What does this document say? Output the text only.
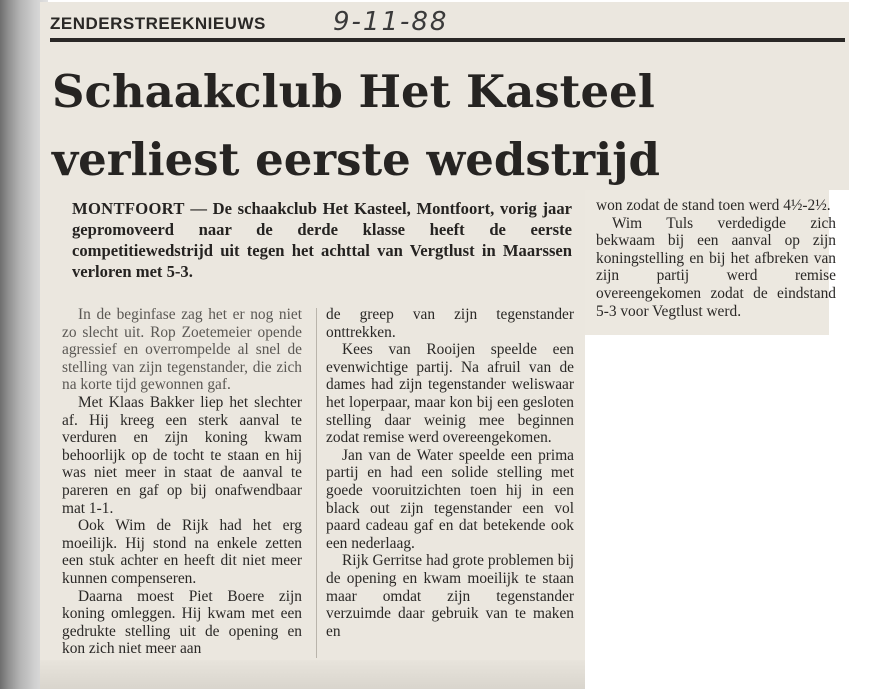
ZENDERSTREEKNIEUWS	9-11-88
Schaakclub Het Kasteel
verliest eerste wedstrijd

MONTFOORT — De schaakclub Het Kasteel, Montfoort, vorig jaar gepromoveerd naar de derde klasse heeft de eerste competitiewedstrijd uit tegen het achttal van Vergtlust in Maarssen verloren met 5-3.

In de beginfase zag het er nog niet zo slecht uit. Rop Zoetemeier opende agressief en overrompelde al snel de stelling van zijn tegenstander, die zich na korte tijd gewonnen gaf.

Met Klaas Bakker liep het slechter af. Hij kreeg een sterk aanval te verduren en zijn koning kwam behoorlijk op de tocht te staan en hij was niet meer in staat de aanval te pareren en gaf op bij onafwendbaar mat 1-1.

Ook Wim de Rijk had het erg moeilijk. Hij stond na enkele zetten een stuk achter en heeft dit niet meer kunnen compenseren.

Daarna moest Piet Boere zijn koning omleggen. Hij kwam met een gedrukte stelling uit de opening en kon zich niet meer aan

de greep van zijn tegenstander onttrekken.

Kees van Rooijen speelde een evenwichtige partij. Na afruil van de dames had zijn tegenstander weliswaar het loperpaar, maar kon bij een gesloten stelling daar weinig mee beginnen zodat remise werd overeengekomen.

Jan van de Water speelde een prima partij en had een solide stelling met goede vooruitzichten toen hij in een black out zijn tegenstander een vol paard cadeau gaf en dat betekende ook een nederlaag.

Rijk Gerritse had grote problemen bij de opening en kwam moeilijk te staan maar omdat zijn tegenstander verzuimde daar gebruik van te maken en

won zodat de stand toen werd 4½-2½.

Wim Tuls verdedigde zich bekwaam bij een aanval op zijn koningstelling en bij het afbreken van zijn partij werd remise overeengekomen zodat de eindstand 5-3 voor Vegtlust werd.
